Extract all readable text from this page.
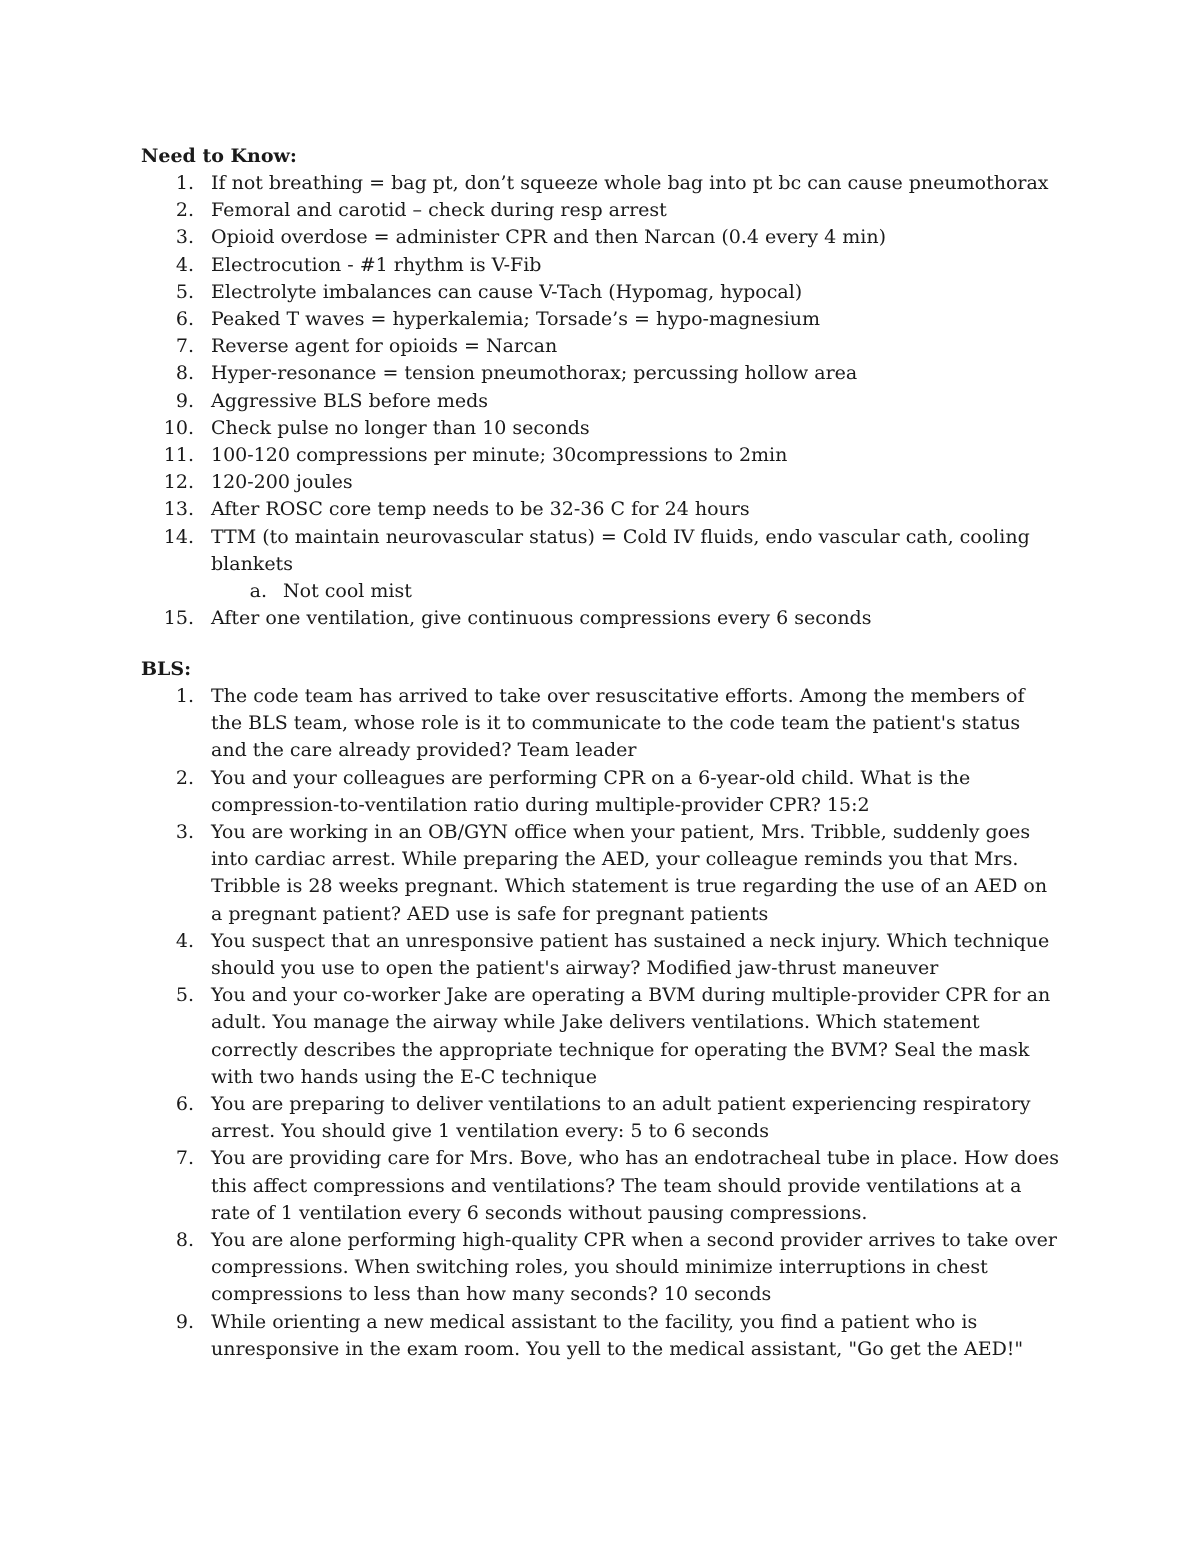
Need to Know:
1. If not breathing = bag pt, don’t squeeze whole bag into pt bc can cause pneumothorax
2. Femoral and carotid – check during resp arrest
3. Opioid overdose = administer CPR and then Narcan (0.4 every 4 min)
4. Electrocution - #1 rhythm is V-Fib
5. Electrolyte imbalances can cause V-Tach (Hypomag, hypocal)
6. Peaked T waves = hyperkalemia; Torsade’s = hypo-magnesium
7. Reverse agent for opioids = Narcan
8. Hyper-resonance = tension pneumothorax; percussing hollow area
9. Aggressive BLS before meds
10. Check pulse no longer than 10 seconds
11. 100-120 compressions per minute; 30compressions to 2min
12. 120-200 joules
13. After ROSC core temp needs to be 32-36 C for 24 hours
14. TTM (to maintain neurovascular status) = Cold IV fluids, endo vascular cath, cooling blankets
a. Not cool mist
15. After one ventilation, give continuous compressions every 6 seconds
BLS:
1. The code team has arrived to take over resuscitative efforts. Among the members of the BLS team, whose role is it to communicate to the code team the patient's status and the care already provided? Team leader
2. You and your colleagues are performing CPR on a 6-year-old child. What is the compression-to-ventilation ratio during multiple-provider CPR? 15:2
3. You are working in an OB/GYN office when your patient, Mrs. Tribble, suddenly goes into cardiac arrest. While preparing the AED, your colleague reminds you that Mrs. Tribble is 28 weeks pregnant. Which statement is true regarding the use of an AED on a pregnant patient? AED use is safe for pregnant patients
4. You suspect that an unresponsive patient has sustained a neck injury. Which technique should you use to open the patient's airway? Modified jaw-thrust maneuver
5. You and your co-worker Jake are operating a BVM during multiple-provider CPR for an adult. You manage the airway while Jake delivers ventilations. Which statement correctly describes the appropriate technique for operating the BVM? Seal the mask with two hands using the E-C technique
6. You are preparing to deliver ventilations to an adult patient experiencing respiratory arrest. You should give 1 ventilation every: 5 to 6 seconds
7. You are providing care for Mrs. Bove, who has an endotracheal tube in place. How does this affect compressions and ventilations? The team should provide ventilations at a rate of 1 ventilation every 6 seconds without pausing compressions.
8. You are alone performing high-quality CPR when a second provider arrives to take over compressions. When switching roles, you should minimize interruptions in chest compressions to less than how many seconds? 10 seconds
9. While orienting a new medical assistant to the facility, you find a patient who is unresponsive in the exam room. You yell to the medical assistant, "Go get the AED!"
